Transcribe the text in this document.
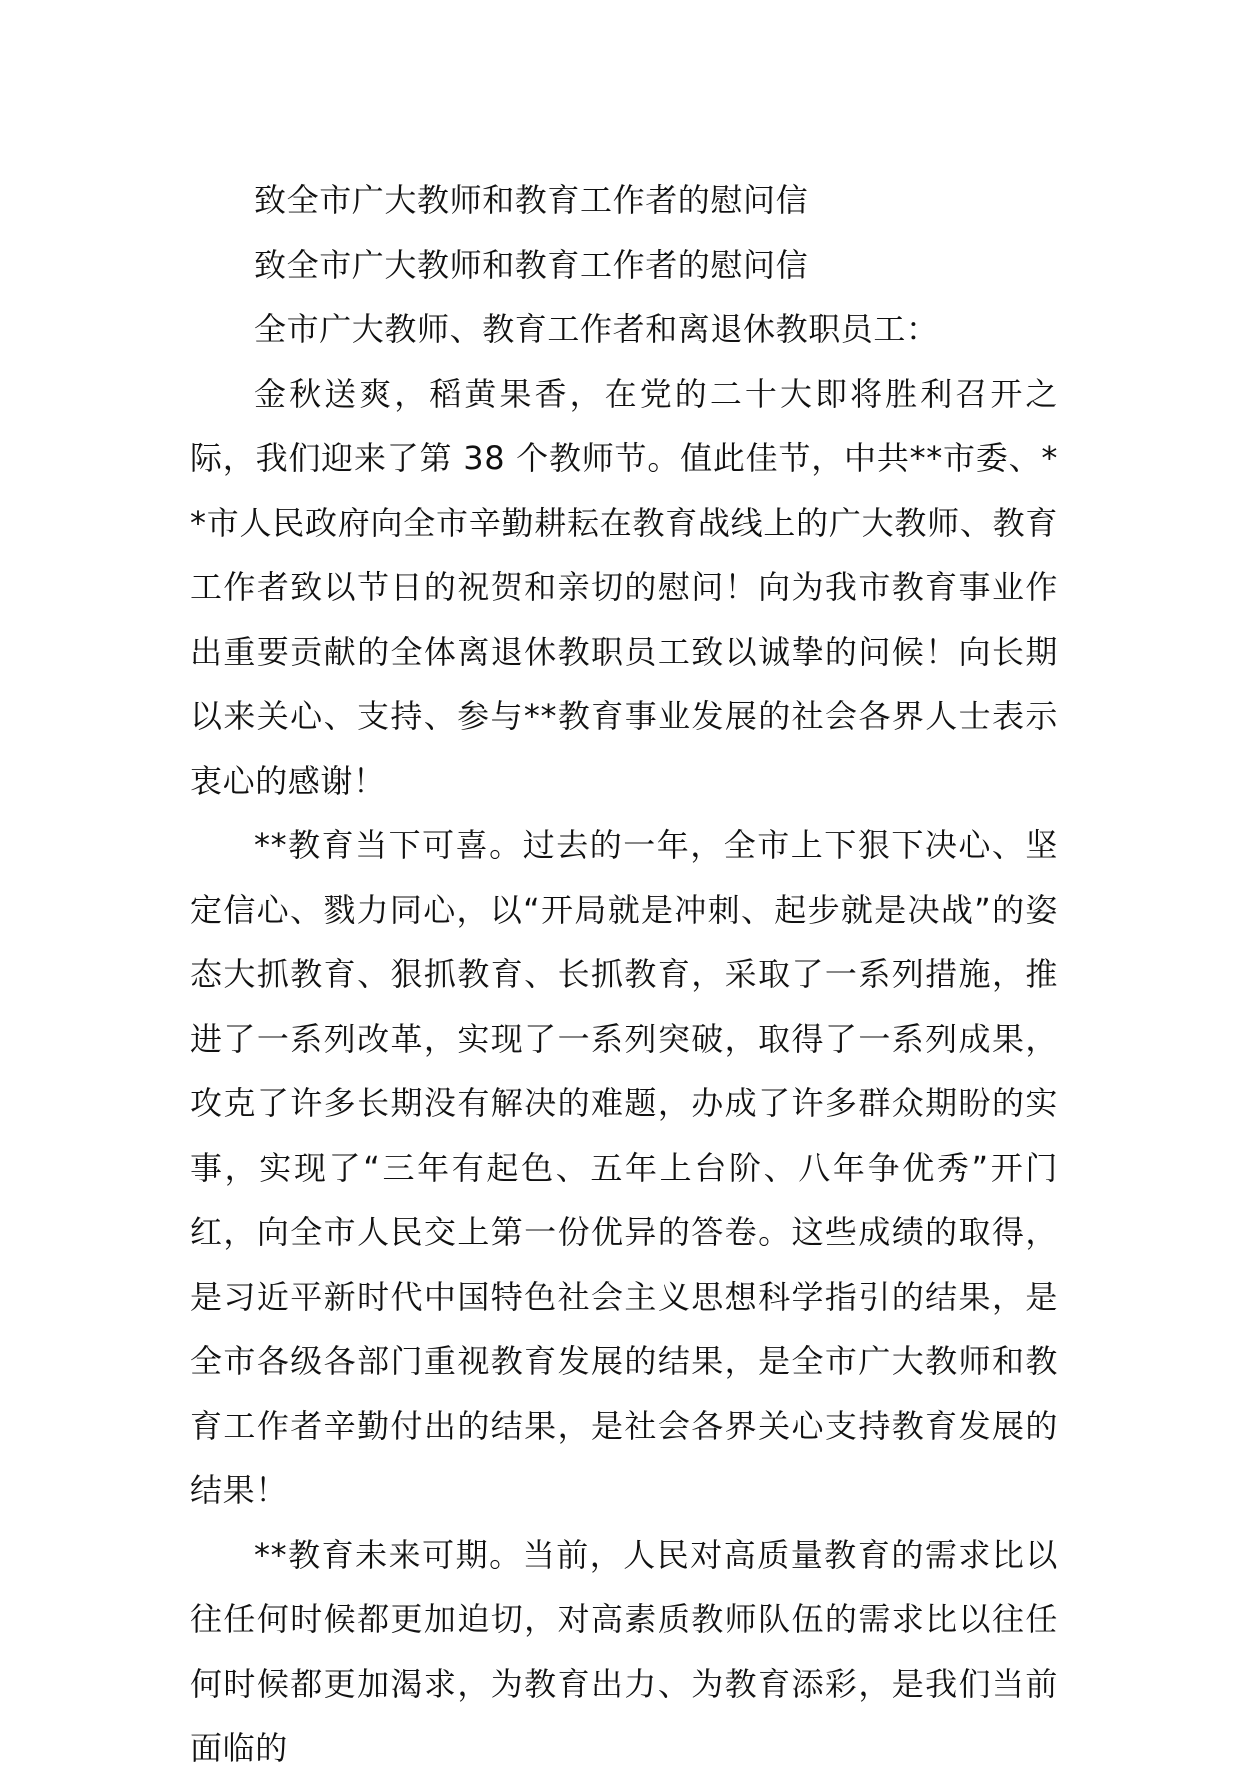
致全市广大教师和教育工作者的慰问信

致全市广大教师和教育工作者的慰问信

全市广大教师、教育工作者和离退休教职员工：

金秋送爽，稻黄果香，在党的二十大即将胜利召开之际，我们迎来了第 38 个教师节。值此佳节，中共**市委、**市人民政府向全市辛勤耕耘在教育战线上的广大教师、教育工作者致以节日的祝贺和亲切的慰问！向为我市教育事业作出重要贡献的全体离退休教职员工致以诚挚的问候！向长期以来关心、支持、参与**教育事业发展的社会各界人士表示衷心的感谢！

**教育当下可喜。过去的一年，全市上下狠下决心、坚定信心、戮力同心，以“开局就是冲刺、起步就是决战”的姿态大抓教育、狠抓教育、长抓教育，采取了一系列措施，推进了一系列改革，实现了一系列突破，取得了一系列成果，攻克了许多长期没有解决的难题，办成了许多群众期盼的实事，实现了“三年有起色、五年上台阶、八年争优秀”开门红，向全市人民交上第一份优异的答卷。这些成绩的取得，是习近平新时代中国特色社会主义思想科学指引的结果，是全市各级各部门重视教育发展的结果，是全市广大教师和教育工作者辛勤付出的结果，是社会各界关心支持教育发展的结果！

**教育未来可期。当前，人民对高质量教育的需求比以往任何时候都更加迫切，对高素质教师队伍的需求比以往任何时候都更加渴求，为教育出力、为教育添彩，是我们当前面临的
